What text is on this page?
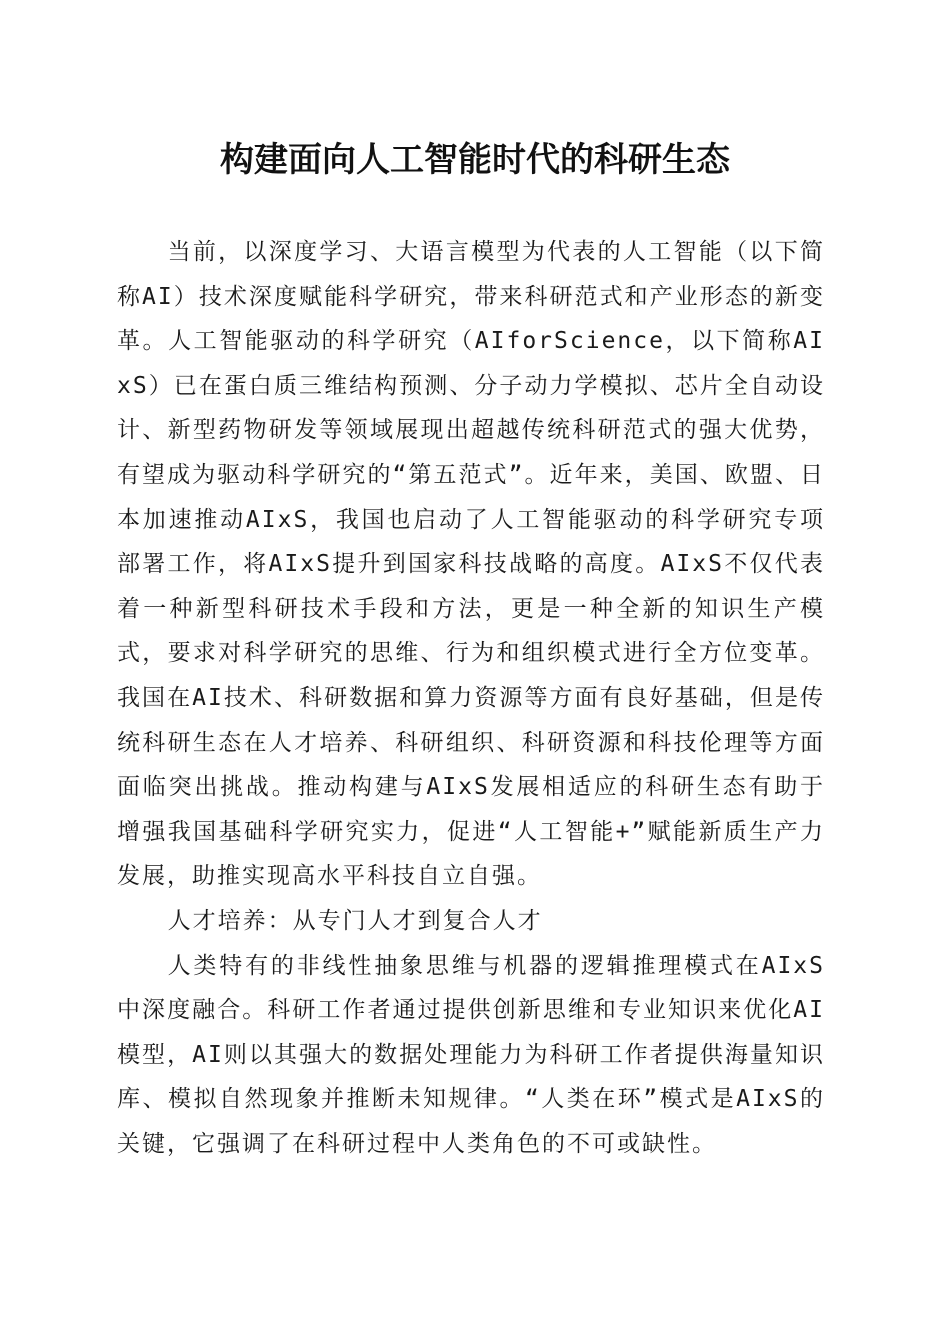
构建面向人工智能时代的科研生态

当前，以深度学习、大语言模型为代表的人工智能（以下简称AI）技术深度赋能科学研究，带来科研范式和产业形态的新变革。人工智能驱动的科学研究（AIforScience，以下简称AIxS）已在蛋白质三维结构预测、分子动力学模拟、芯片全自动设计、新型药物研发等领域展现出超越传统科研范式的强大优势，有望成为驱动科学研究的“第五范式”。近年来，美国、欧盟、日本加速推动AIxS，我国也启动了人工智能驱动的科学研究专项部署工作，将AIxS提升到国家科技战略的高度。AIxS不仅代表着一种新型科研技术手段和方法，更是一种全新的知识生产模式，要求对科学研究的思维、行为和组织模式进行全方位变革。我国在AI技术、科研数据和算力资源等方面有良好基础，但是传统科研生态在人才培养、科研组织、科研资源和科技伦理等方面面临突出挑战。推动构建与AIxS发展相适应的科研生态有助于增强我国基础科学研究实力，促进“人工智能+”赋能新质生产力发展，助推实现高水平科技自立自强。

人才培养：从专门人才到复合人才

人类特有的非线性抽象思维与机器的逻辑推理模式在AIxS中深度融合。科研工作者通过提供创新思维和专业知识来优化AI模型，AI则以其强大的数据处理能力为科研工作者提供海量知识库、模拟自然现象并推断未知规律。“人类在环”模式是AIxS的关键，它强调了在科研过程中人类角色的不可或缺性。
